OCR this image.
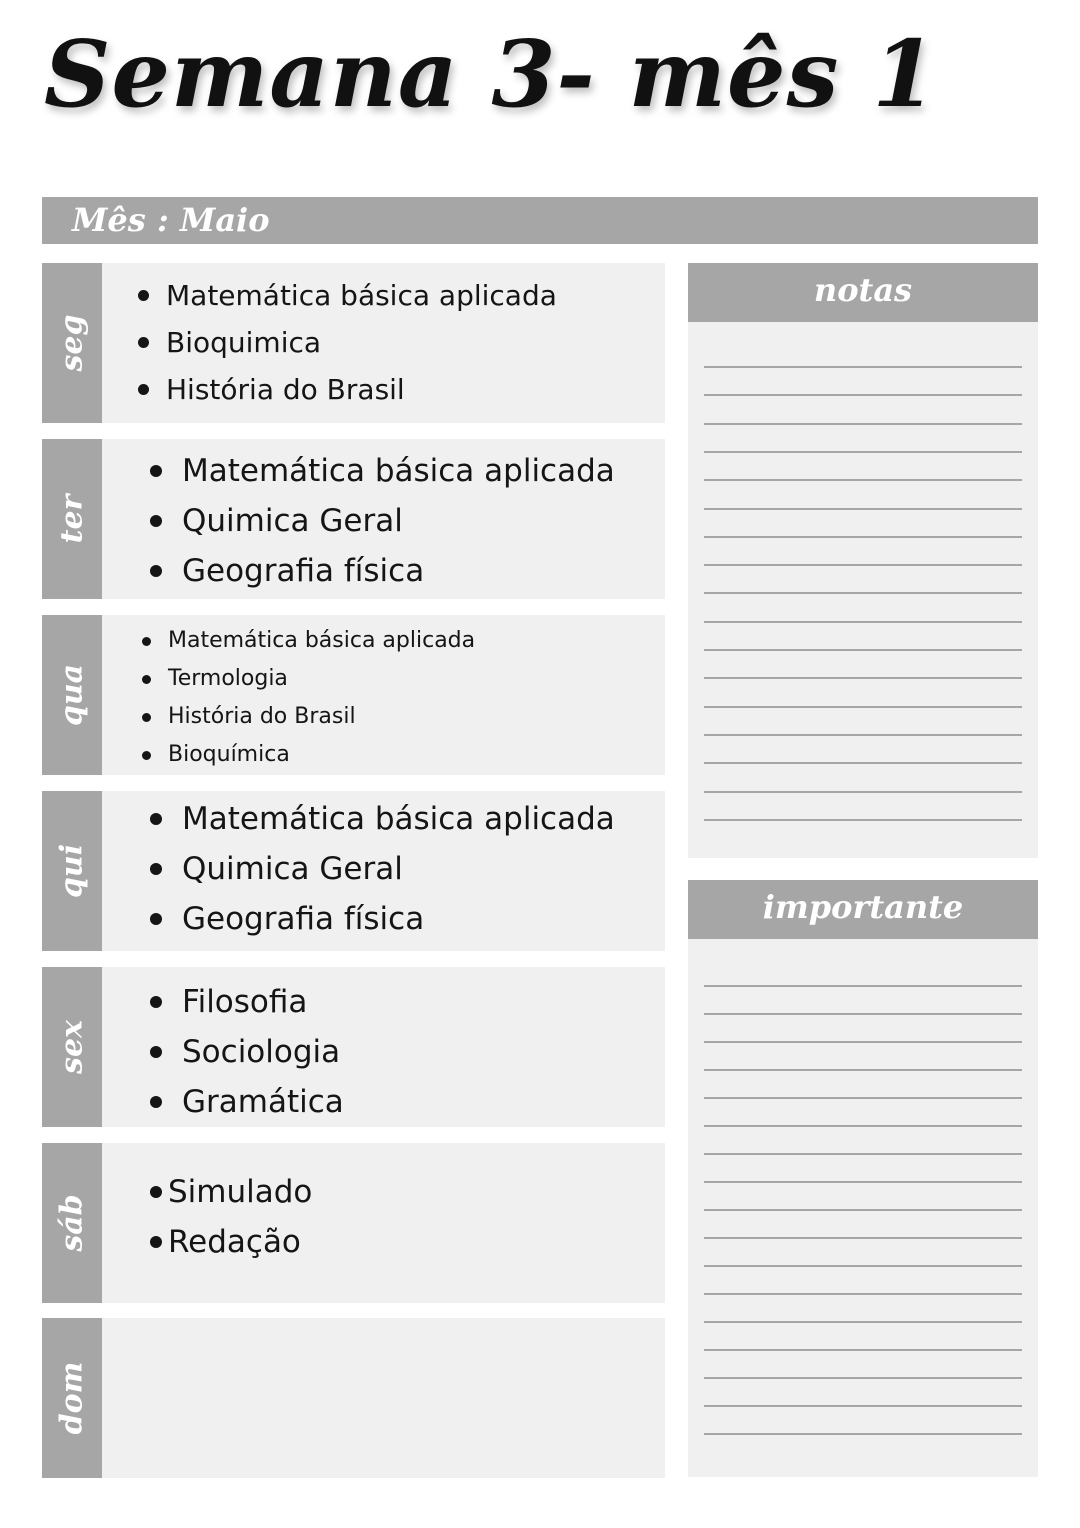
Semana 3- mês 1
Mês : Maio
seg
Matemática básica aplicada
Bioquimica
História do Brasil
ter
Matemática básica aplicada
Quimica Geral
Geografia física
qua
Matemática básica aplicada
Termologia
História do Brasil
Bioquímica
qui
Matemática básica aplicada
Quimica Geral
Geografia física
sex
Filosofia
Sociologia
Gramática
sáb
Simulado
Redação
dom
notas
importante
